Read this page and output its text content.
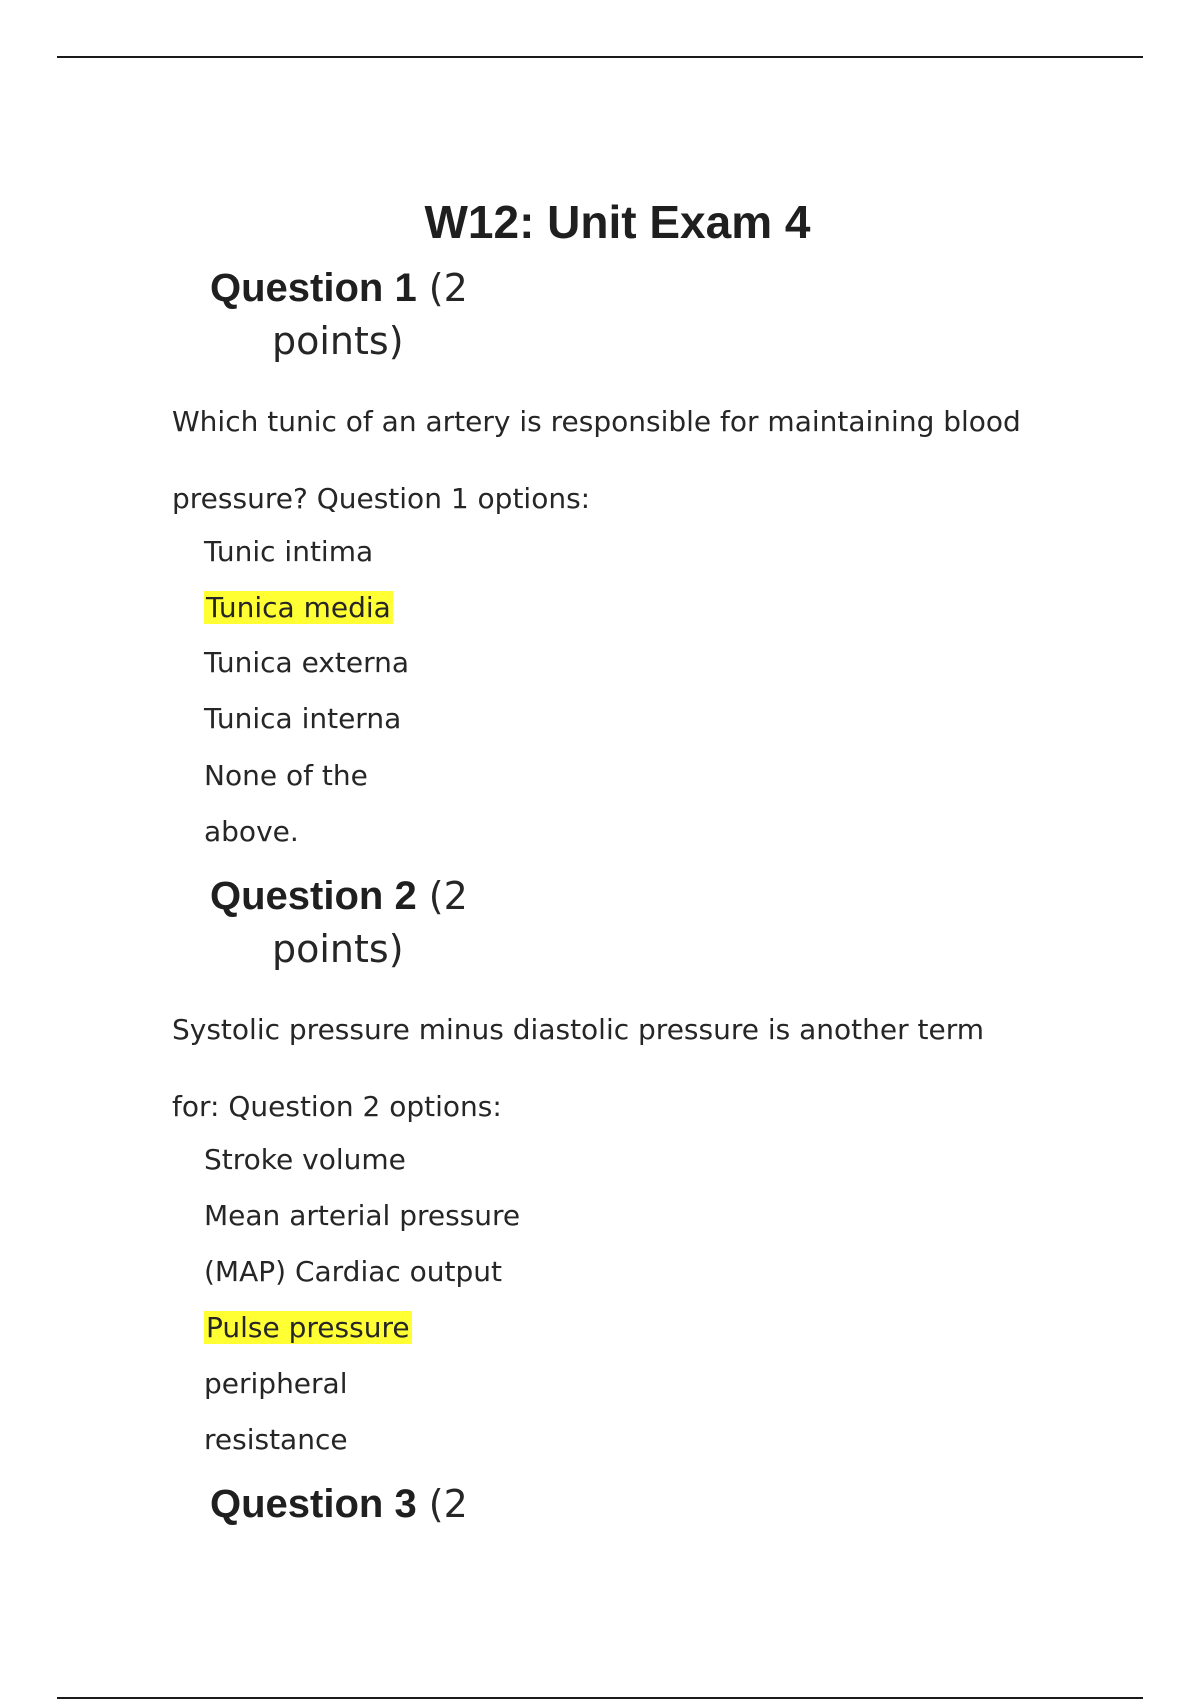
W12: Unit Exam 4
Question 1 (2
points)

Which tunic of an artery is responsible for maintaining blood

pressure? Question 1 options:

Tunic intima

Tunica media

Tunica externa

Tunica interna

None of the

above.

Question 2 (2
points)

Systolic pressure minus diastolic pressure is another term

for: Question 2 options:

Stroke volume

Mean arterial pressure

(MAP) Cardiac output

Pulse pressure

peripheral

resistance

Question 3 (2
